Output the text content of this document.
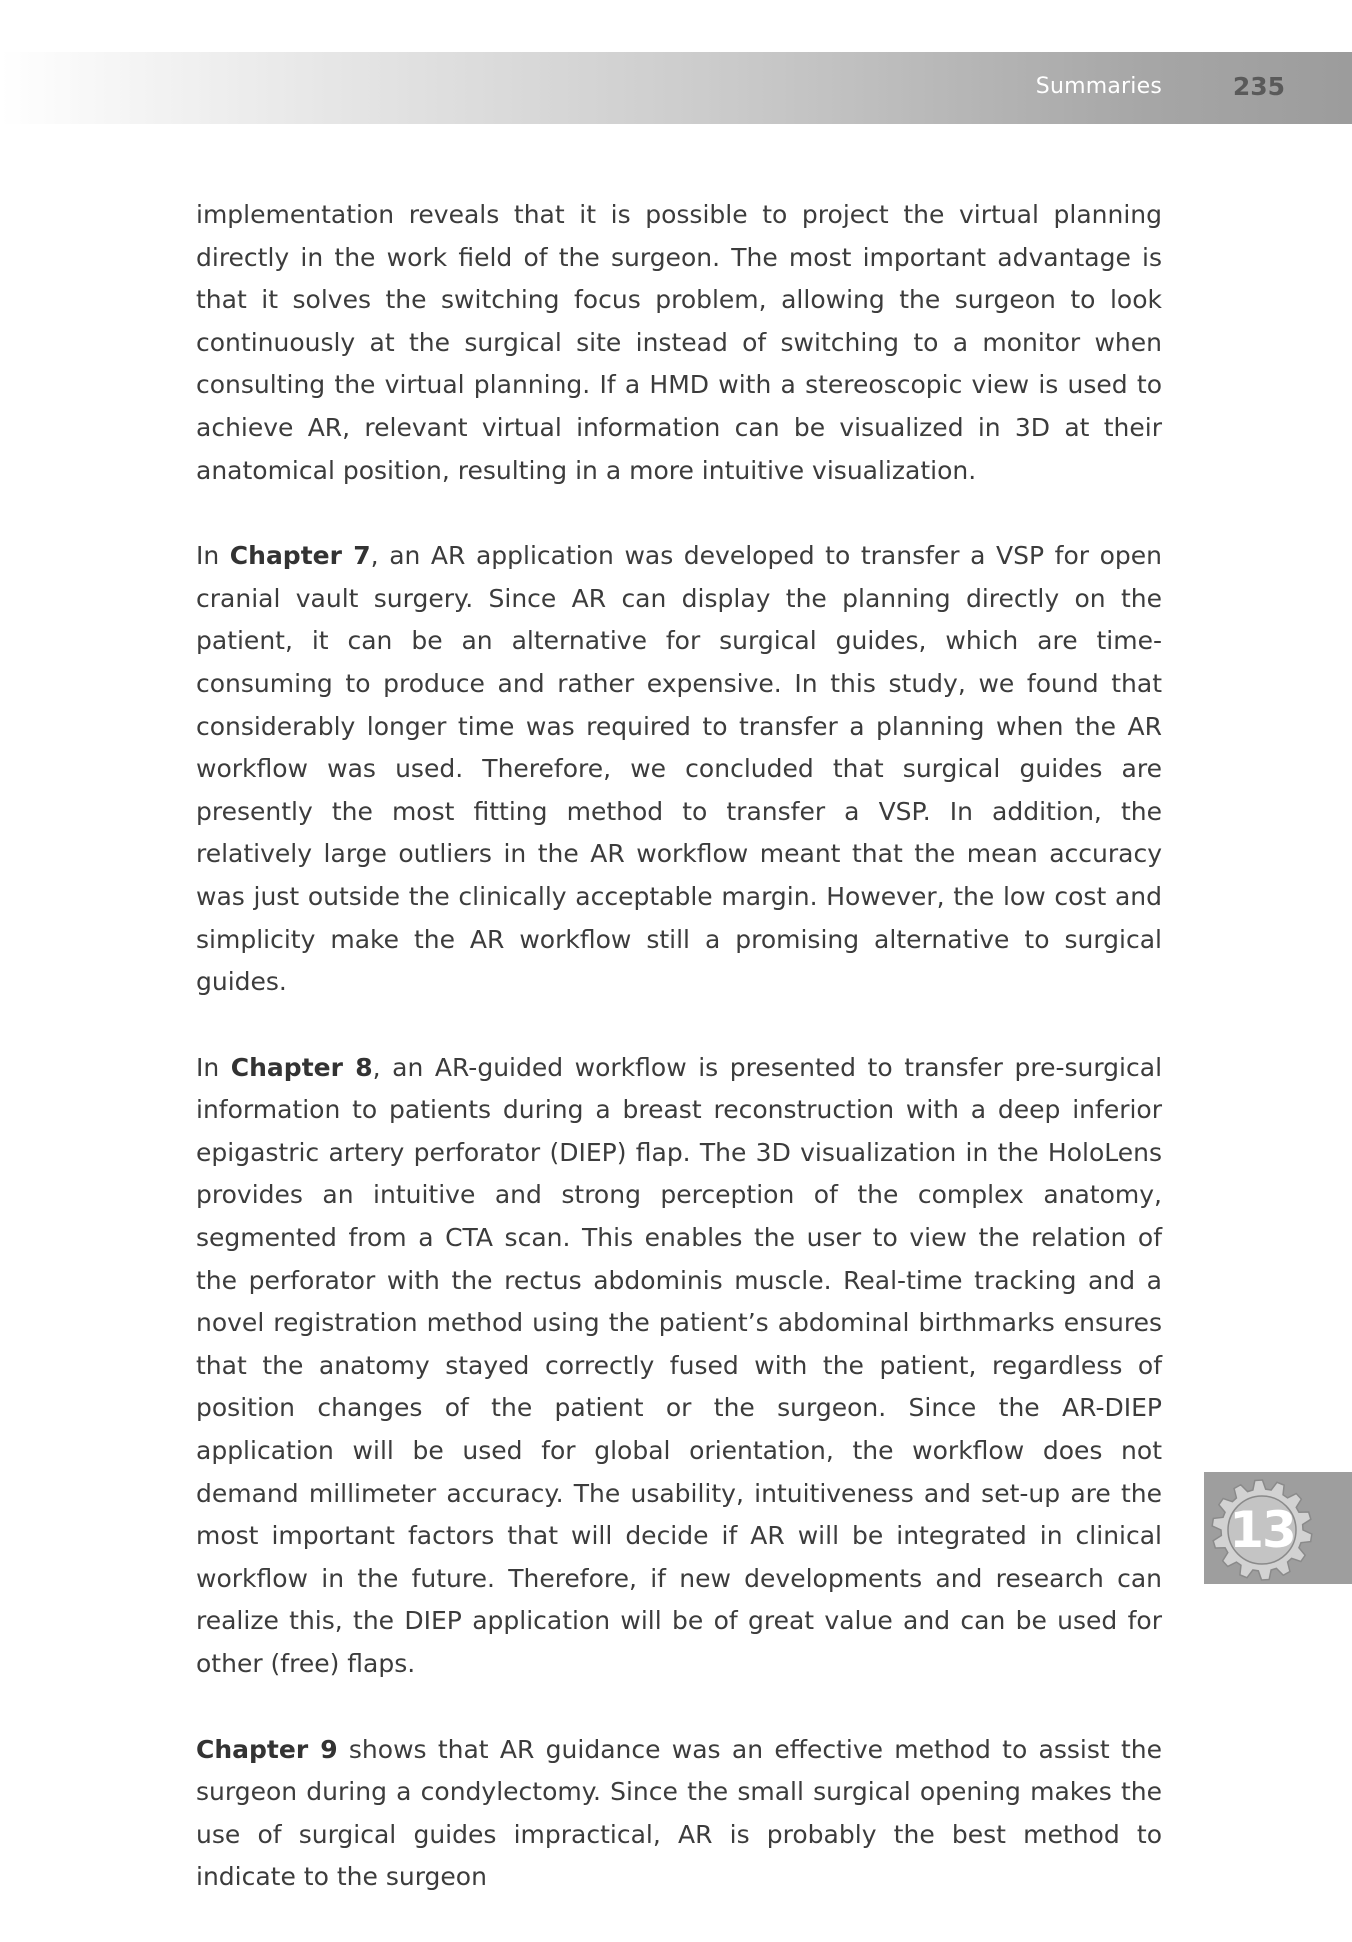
Summaries	235

implementation reveals that it is possible to project the virtual planning directly in the work field of the surgeon. The most important advantage is that it solves the switching focus problem, allowing the surgeon to look continuously at the surgical site instead of switching to a monitor when consulting the virtual planning. If a HMD with a stereoscopic view is used to achieve AR, relevant virtual information can be visualized in 3D at their anatomical position, resulting in a more intuitive visualization.

In Chapter 7, an AR application was developed to transfer a VSP for open cranial vault surgery. Since AR can display the planning directly on the patient, it can be an alternative for surgical guides, which are time-consuming to produce and rather expensive. In this study, we found that considerably longer time was required to transfer a planning when the AR workflow was used. Therefore, we concluded that surgical guides are presently the most fitting method to transfer a VSP. In addition, the relatively large outliers in the AR workflow meant that the mean accuracy was just outside the clinically acceptable margin. However, the low cost and simplicity make the AR workflow still a promising alternative to surgical guides.

In Chapter 8, an AR-guided workflow is presented to transfer pre-surgical information to patients during a breast reconstruction with a deep inferior epigastric artery perforator (DIEP) flap. The 3D visualization in the HoloLens provides an intuitive and strong perception of the complex anatomy, segmented from a CTA scan. This enables the user to view the relation of the perforator with the rectus abdominis muscle. Real-time tracking and a novel registration method using the patient’s abdominal birthmarks ensures that the anatomy stayed correctly fused with the patient, regardless of position changes of the patient or the surgeon. Since the AR-DIEP application will be used for global orientation, the workflow does not demand millimeter accuracy. The usability, intuitiveness and set-up are the most important factors that will decide if AR will be integrated in clinical workflow in the future. Therefore, if new developments and research can realize this, the DIEP application will be of great value and can be used for other (free) flaps.

Chapter 9 shows that AR guidance was an effective method to assist the surgeon during a condylectomy. Since the small surgical opening makes the use of surgical guides impractical, AR is probably the best method to indicate to the surgeon

13
